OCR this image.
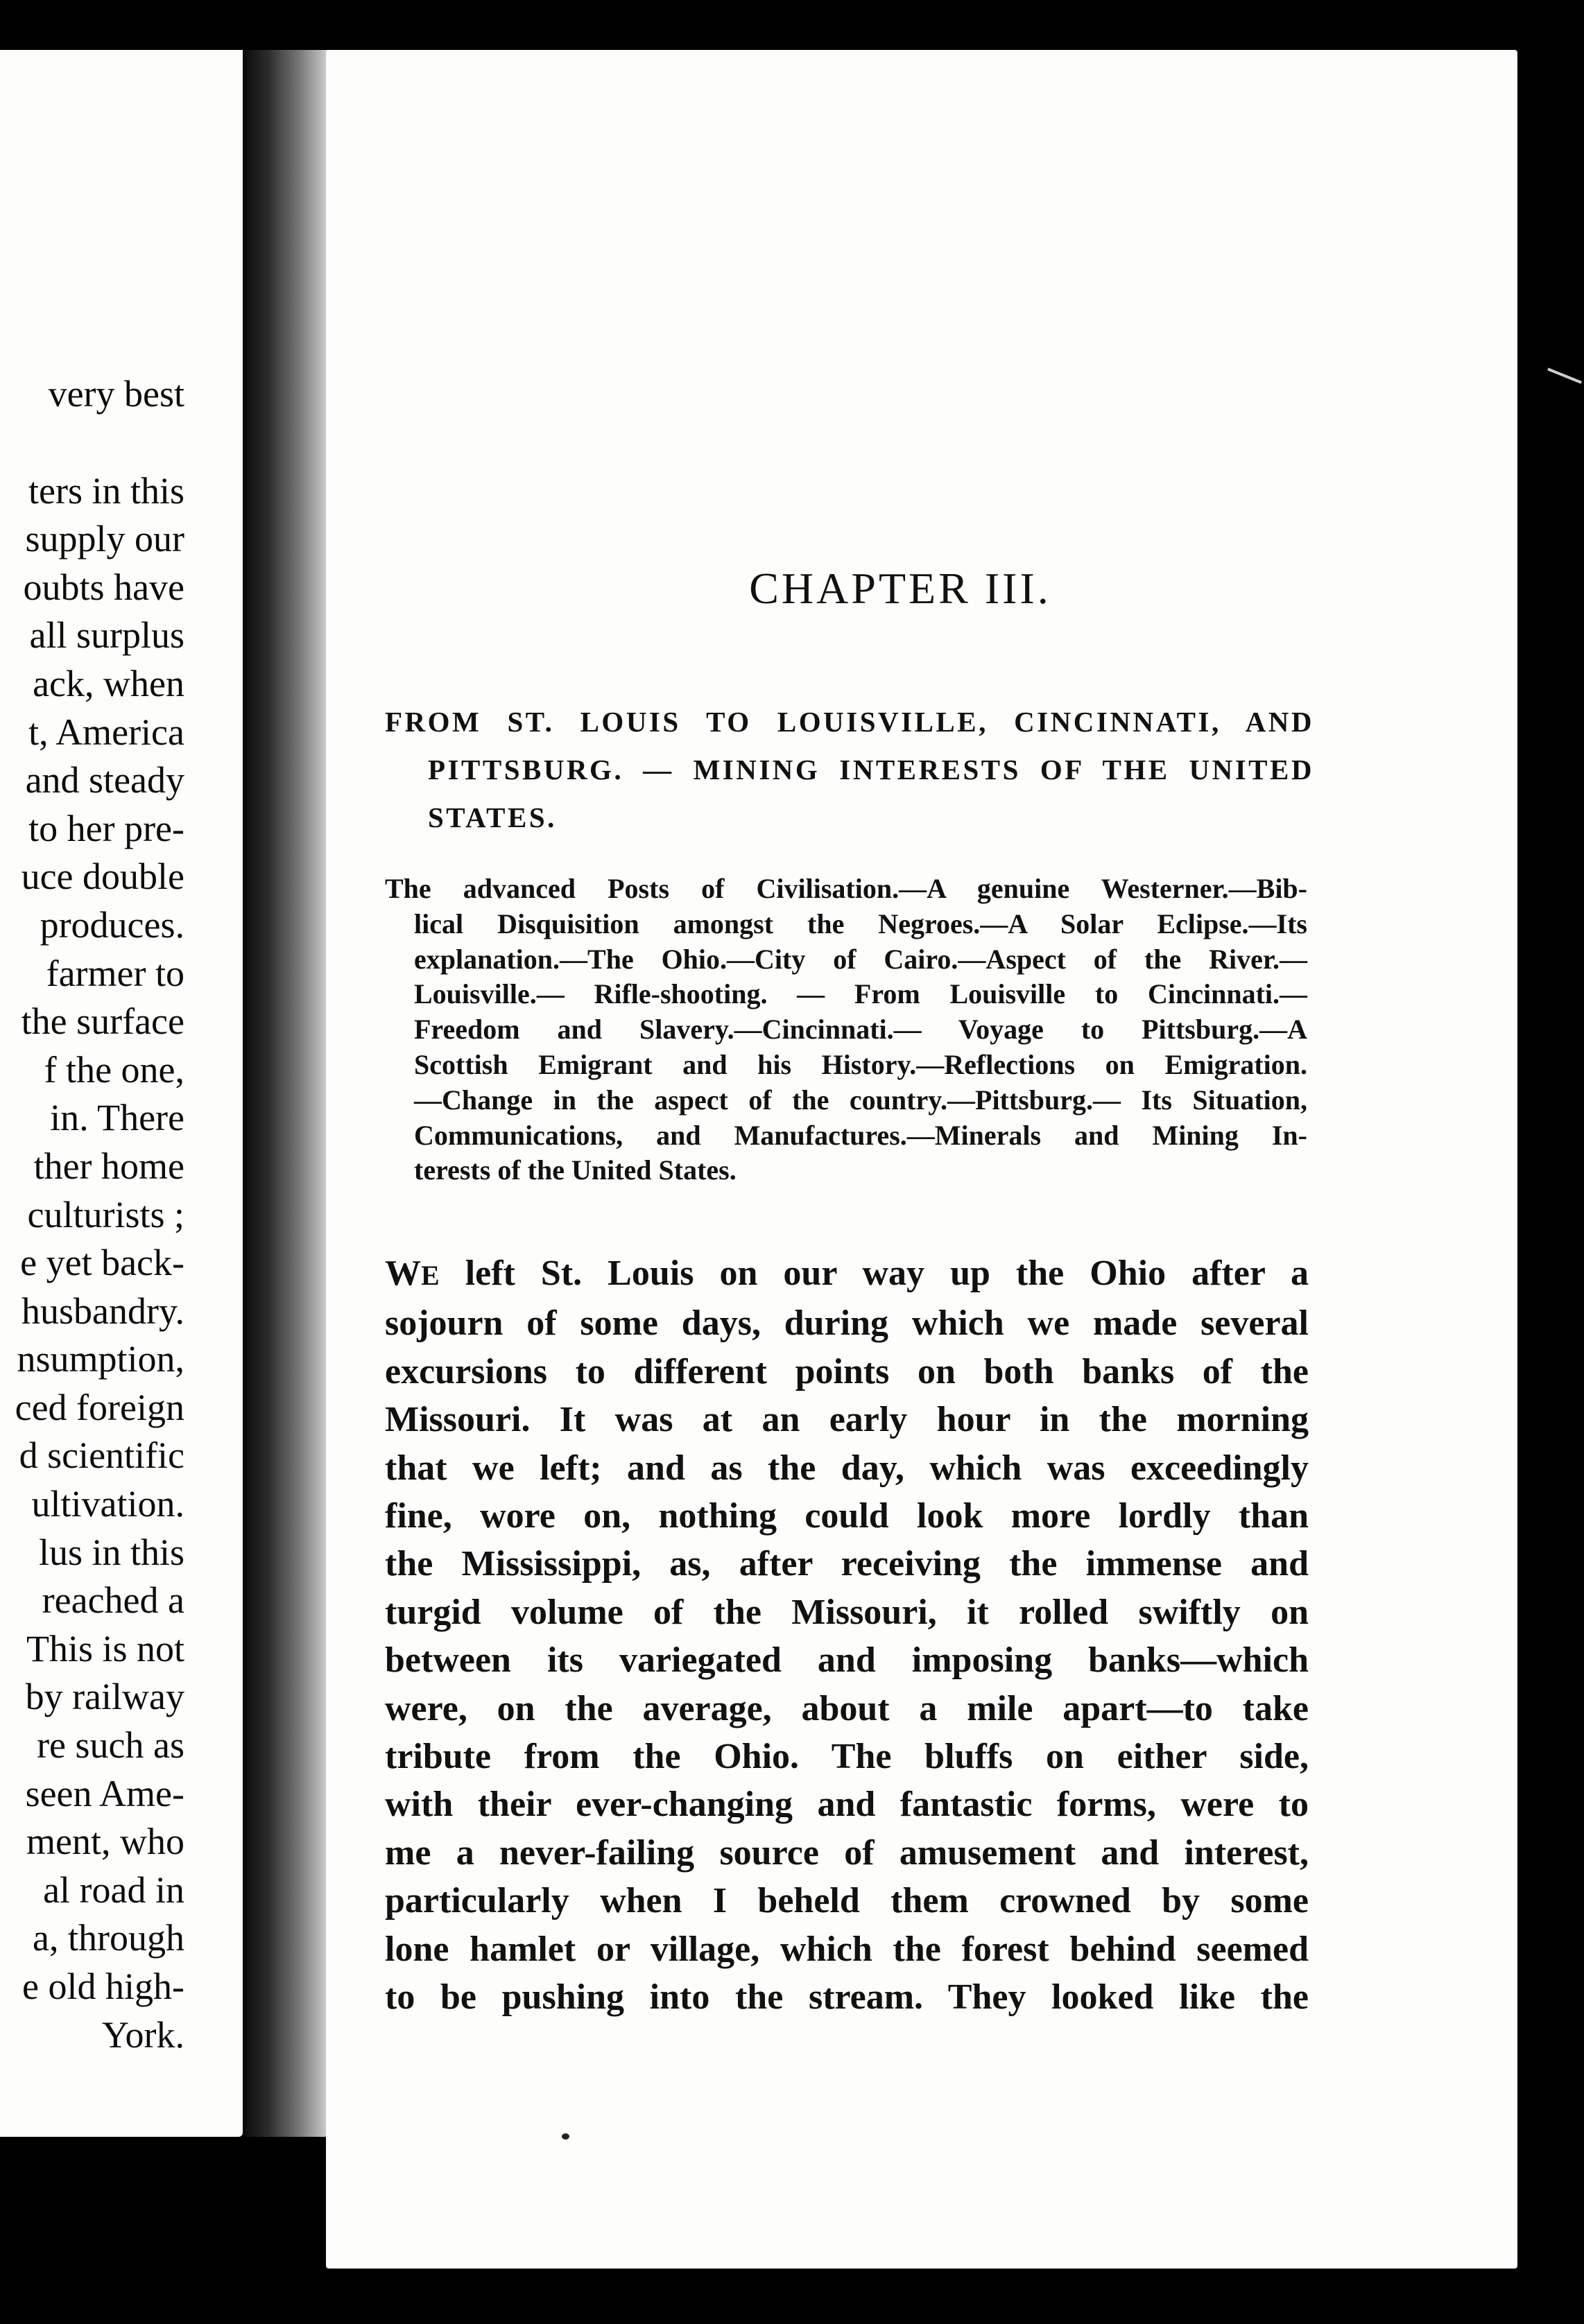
very best
ters in this
supply our
oubts have
all surplus
ack, when
t, America
and steady
to her pre-
uce double
produces.
farmer to
the surface
f the one,
in. There
ther home
culturists ;
e yet back-
husbandry.
nsumption,
ced foreign
d scientific
ultivation.
lus in this
reached a
This is not
by railway
re such as
seen Ame-
ment, who
al road in
a, through
e old high-
York.
CHAPTER III.
FROM ST. LOUIS TO LOUISVILLE, CINCINNATI, AND
PITTSBURG. — MINING INTERESTS OF THE UNITED
STATES.
The advanced Posts of Civilisation.—A genuine Westerner.—Bib-
lical Disquisition amongst the Negroes.—A Solar Eclipse.—Its
explanation.—The Ohio.—City of Cairo.—Aspect of the River.—
Louisville.— Rifle-shooting. — From Louisville to Cincinnati.—
Freedom and Slavery.—Cincinnati.— Voyage to Pittsburg.—A
Scottish Emigrant and his History.—Reflections on Emigration.
—Change in the aspect of the country.—Pittsburg.— Its Situation,
Communications, and Manufactures.—Minerals and Mining In-
terests of the United States.
WE left St. Louis on our way up the Ohio after a
sojourn of some days, during which we made several
excursions to different points on both banks of the
Missouri. It was at an early hour in the morning
that we left; and as the day, which was exceedingly
fine, wore on, nothing could look more lordly than
the Mississippi, as, after receiving the immense and
turgid volume of the Missouri, it rolled swiftly on
between its variegated and imposing banks—which
were, on the average, about a mile apart—to take
tribute from the Ohio. The bluffs on either side,
with their ever-changing and fantastic forms, were to
me a never-failing source of amusement and interest,
particularly when I beheld them crowned by some
lone hamlet or village, which the forest behind seemed
to be pushing into the stream. They looked like the
